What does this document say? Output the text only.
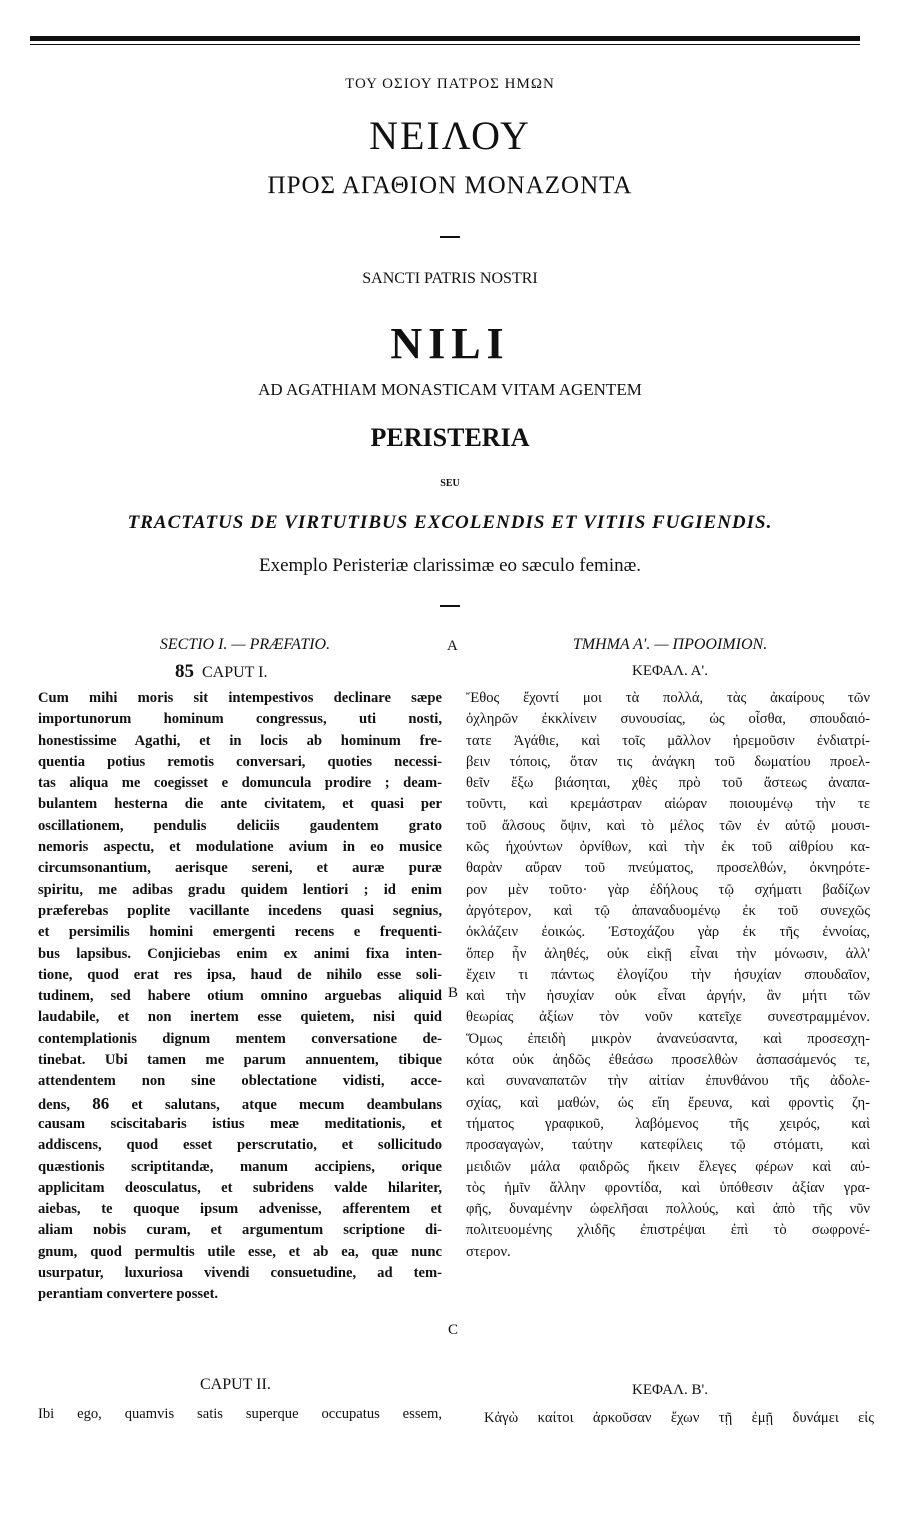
ΤΟΥ ΟΣΙΟΥ ΠΑΤΡΟΣ ΗΜΩΝ
ΝΕΙΛΟΥ
ΠΡΟΣ ΑΓΑΘΙΟΝ ΜΟΝΑΖΟΝΤΑ
SANCTI PATRIS NOSTRI
NILI
AD AGATHIAM MONASTICAM VITAM AGENTEM
PERISTERIA
SEU
TRACTATUS DE VIRTUTIBUS EXCOLENDIS ET VITIIS FUGIENDIS.
Exemplo Peristeriæ clarissimæ eo sæculo feminæ.
SECTIO I. — PRÆFATIO.	A	ΤΜΗΜΑ Α'. — ΠΡΟΟΙΜΙΟΝ.
85 CAPUT I.	ΚΕΦΑΛ. Α'.
Cum mihi moris sit intempestivos declinare sæpe
importunorum hominum congressus, uti nosti,
honestissime Agathi, et in locis ab hominum fre-
quentia potius remotis conversari, quoties necessi-
tas aliqua me coegisset e domuncula prodire ; deam-
bulantem hesterna die ante civitatem, et quasi per
oscillationem, pendulis deliciis gaudentem grato
nemoris aspectu, et modulatione avium in eo musice
circumsonantium, aerisque sereni, et auræ puræ
spiritu, me adibas gradu quidem lentiori ; id enim
præferebas poplite vacillante incedens quasi segnius,
et persimilis homini emergenti recens e frequenti-
bus lapsibus. Conjiciebas enim ex animi fixa inten-
tione, quod erat res ipsa, haud de nihilo esse soli-
tudinem, sed habere otium omnino arguebas aliquid
laudabile, et non inertem esse quietem, nisi quid
contemplationis dignum mentem conversatione de-
tinebat. Ubi tamen me parum annuentem, tibique
attendentem non sine oblectatione vidisti, acce-
dens, 86 et salutans, atque mecum deambulans
causam sciscitabaris istius meæ meditationis, et
addiscens, quod esset perscrutatio, et sollicitudo
quæstionis scriptitandæ, manum accipiens, orique
applicitam deosculatus, et subridens valde hilariter,
aiebas, te quoque ipsum advenisse, afferentem et
aliam nobis curam, et argumentum scriptione di-
gnum, quod permultis utile esse, et ab ea, quæ nunc
usurpatur, luxuriosa vivendi consuetudine, ad tem-
perantiam convertere posset.
B
C
Ἔθος ἔχοντί μοι τὰ πολλά, τὰς ἀκαίρους τῶν
ὀχληρῶν ἐκκλίνειν συνουσίας, ὡς οἶσθα, σπουδαιό-
τατε Ἀγάθιε, καὶ τοῖς μᾶλλον ἠρεμοῦσιν ἐνδιατρί-
βειν τόποις, ὅταν τις ἀνάγκη τοῦ δωματίου προελ-
θεῖν ἔξω βιάσηται, χθὲς πρὸ τοῦ ἄστεως ἀναπα-
τοῦντι, καὶ κρεμάστραν αἰώραν ποιουμένῳ τὴν τε
τοῦ ἄλσους ὄψιν, καὶ τὸ μέλος τῶν ἐν αὐτῷ μουσι-
κῶς ἠχούντων ὀρνίθων, καὶ τὴν ἐκ τοῦ αἰθρίου κα-
θαρὰν αὔραν τοῦ πνεύματος, προσελθών, ὀκνηρότε-
ρον μὲν τοῦτο· γὰρ ἐδήλους τῷ σχήματι βαδίζων
ἀργότερον, καὶ τῷ ἀπαναδυομένῳ ἐκ τοῦ συνεχῶς
ὀκλάζειν ἐοικώς. Ἐστοχάζου γὰρ ἐκ τῆς ἐννοίας,
ὅπερ ἦν ἀληθές, οὐκ εἰκῇ εἶναι τὴν μόνωσιν, ἀλλ'
ἔχειν τι πάντως ἐλογίζου τὴν ἡσυχίαν σπουδαῖον,
καὶ τὴν ἡσυχίαν οὐκ εἶναι ἀργήν, ἂν μήτι τῶν
θεωρίας ἀξίων τὸν νοῦν κατεῖχε συνεστραμμένον.
Ὅμως ἐπειδὴ μικρὸν ἀνανεύσαντα, καὶ προσεσχη-
κότα οὐκ ἀηδῶς ἐθεάσω προσελθὼν ἀσπασάμενός τε,
καὶ συναναπατῶν τὴν αἰτίαν ἐπυνθάνου τῆς ἀδολε-
σχίας, καὶ μαθών, ὡς εἴη ἔρευνα, καὶ φροντὶς ζη-
τήματος γραφικοῦ, λαβόμενος τῆς χειρός, καὶ
προσαγαγὼν, ταύτην κατεφίλεις τῷ στόματι, καὶ
μειδιῶν μάλα φαιδρῶς ἥκειν ἔλεγες φέρων καὶ αὐ-
τὸς ἡμῖν ἄλλην φροντίδα, καὶ ὑπόθεσιν ἀξίαν γρα-
φῆς, δυναμένην ὠφελῆσαι πολλούς, καὶ ἀπὸ τῆς νῦν
πολιτευομένης χλιδῆς ἐπιστρέψαι ἐπὶ τὸ σωφρονέ-
στερον.
CAPUT II.	ΚΕΦΑΛ. Β'.
Ibi ego, quamvis satis superque occupatus essem,	Κἀγὼ καίτοι ἀρκοῦσαν ἔχων τῇ ἐμῇ δυνάμει εἰς
